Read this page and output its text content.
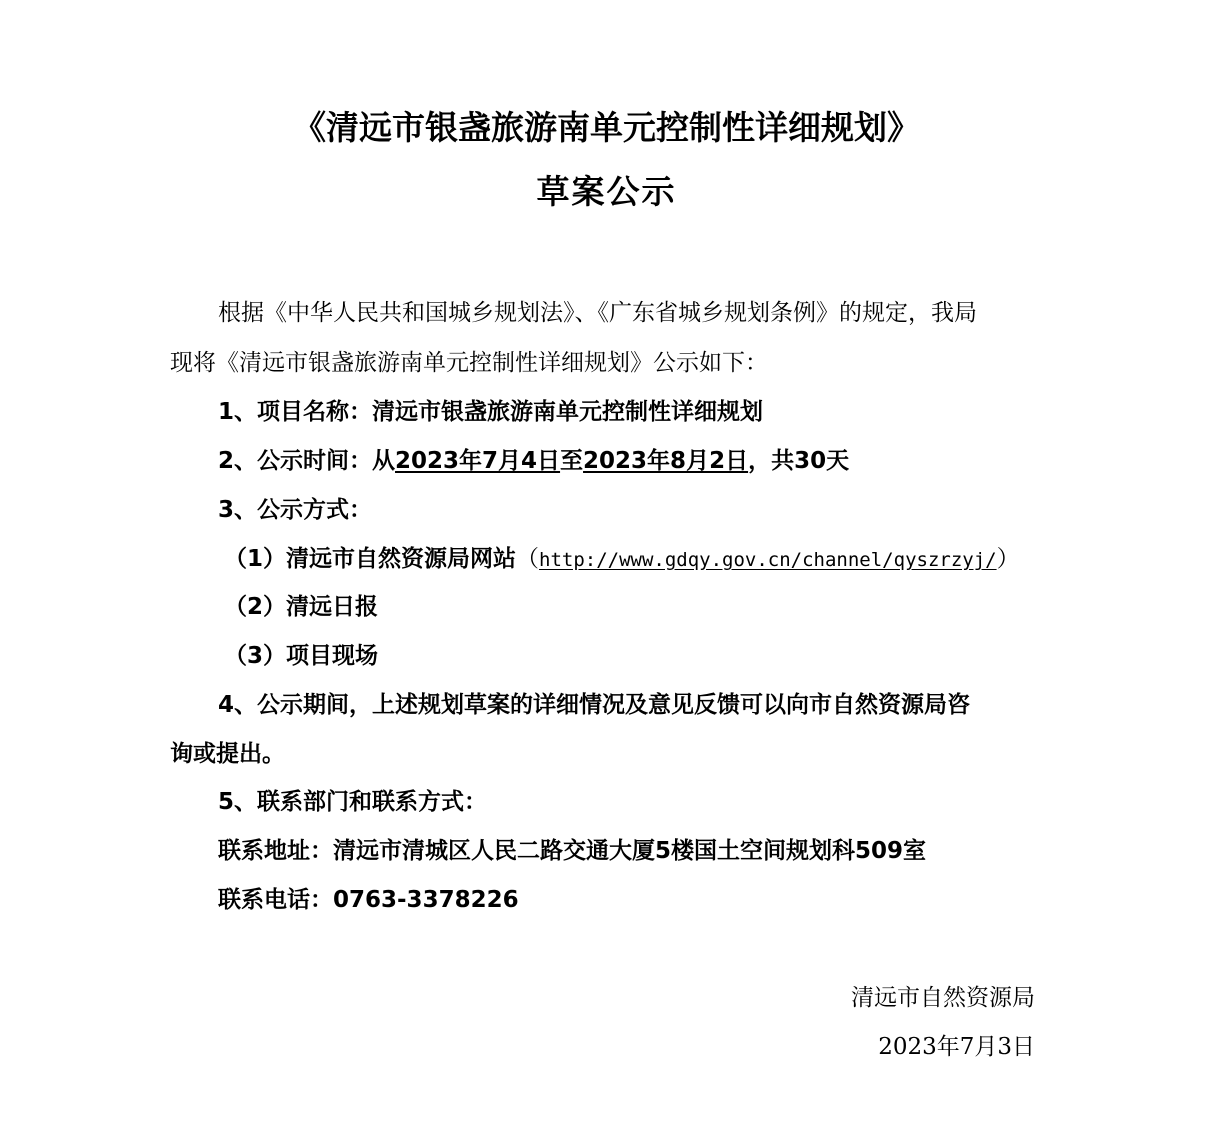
《清远市银盏旅游南单元控制性详细规划》
草案公示
根据《中华人民共和国城乡规划法》、《广东省城乡规划条例》的规定，我局
现将《清远市银盏旅游南单元控制性详细规划》公示如下：
1、项目名称：清远市银盏旅游南单元控制性详细规划
2、公示时间：从2023年7月4日至2023年8月2日，共30天
3、公示方式：
（1）清远市自然资源局网站（http://www.gdqy.gov.cn/channel/qyszrzyj/）
（2）清远日报
（3）项目现场
4、公示期间，上述规划草案的详细情况及意见反馈可以向市自然资源局咨
询或提出。
5、联系部门和联系方式：
联系地址：清远市清城区人民二路交通大厦5楼国土空间规划科509室
联系电话：0763-3378226
清远市自然资源局
2023年7月3日
